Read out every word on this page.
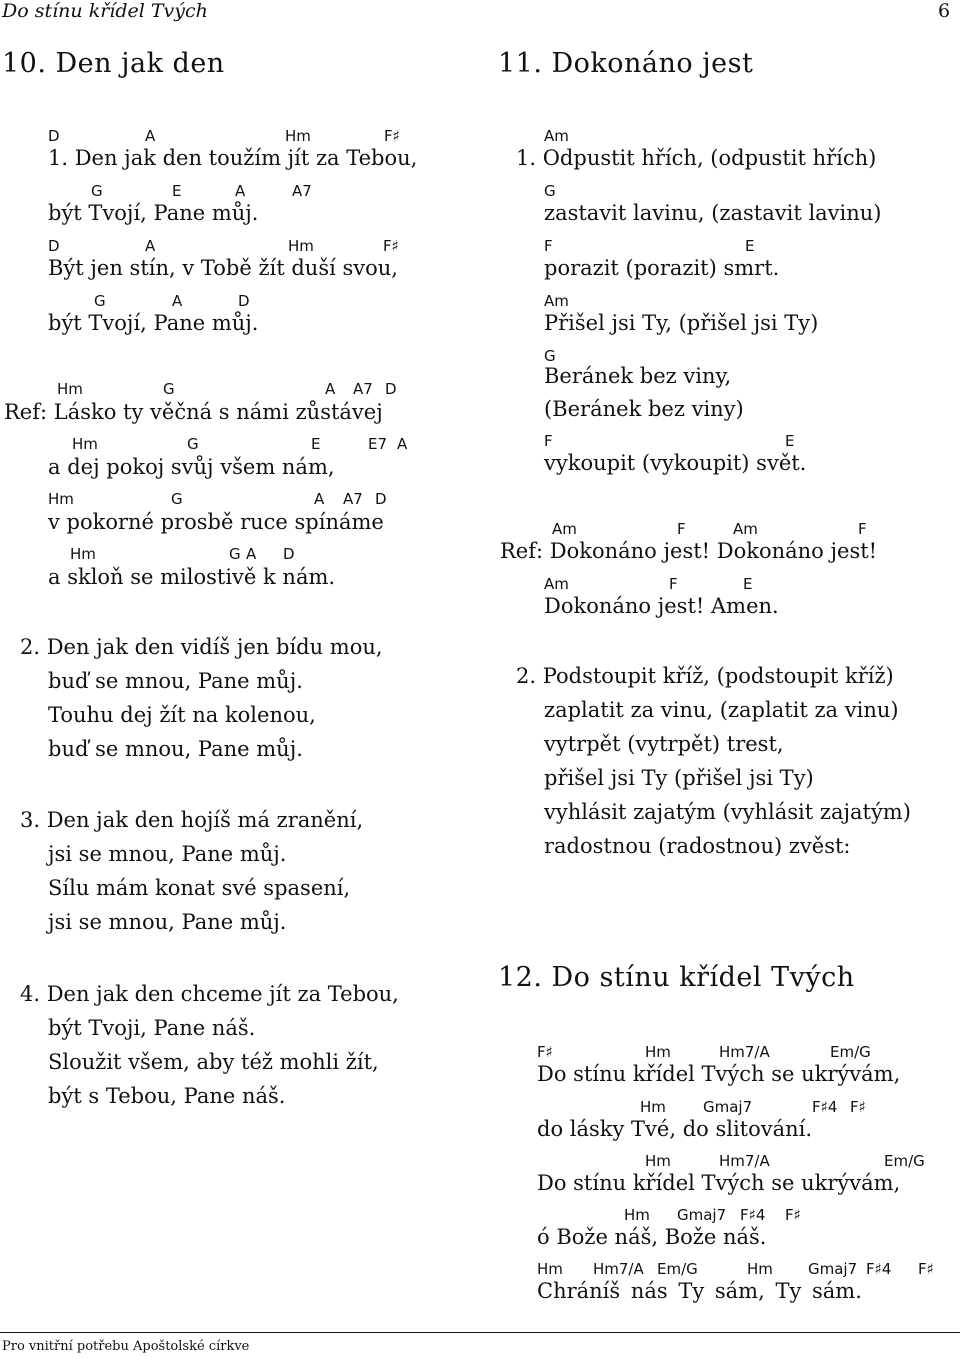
Do stínu křídel Tvých	6
10. Den jak den
D	A	Hm	F♯
1. Den jak den toužím jít za Tebou,
G	E	A	A7
být Tvojí, Pane můj.
D	A	Hm	F♯
Být jen stín, v Tobě žít duší svou,
G	A	D
být Tvojí, Pane můj.
Hm	G	A A7 D
Ref: Lásko ty věčná s námi zůstávej
Hm	G	E	E7 A
a dej pokoj svůj všem nám,
Hm	G	A A7 D
v pokorné prosbě ruce spínáme
Hm	G A D
a skloň se milostivě k nám.
2. Den jak den vidíš jen bídu mou,
buď se mnou, Pane můj.
Touhu dej žít na kolenou,
buď se mnou, Pane můj.
3. Den jak den hojíš má zranění,
jsi se mnou, Pane můj.
Sílu mám konat své spasení,
jsi se mnou, Pane můj.
4. Den jak den chceme jít za Tebou,
být Tvoji, Pane náš.
Sloužit všem, aby též mohli žít,
být s Tebou, Pane náš.
11. Dokonáno jest
Am
1. Odpustit hřích, (odpustit hřích)
G
zastavit lavinu, (zastavit lavinu)
F	E
porazit (porazit) smrt.
Am
Přišel jsi Ty, (přišel jsi Ty)
G
Beránek bez viny,
(Beránek bez viny)
F	E
vykoupit (vykoupit) svět.
Am	F	Am	F
Ref: Dokonáno jest! Dokonáno jest!
Am	F	E
Dokonáno jest! Amen.
2. Podstoupit kříž, (podstoupit kříž)
zaplatit za vinu, (zaplatit za vinu)
vytrpět (vytrpět) trest,
přišel jsi Ty (přišel jsi Ty)
vyhlásit zajatým (vyhlásit zajatým)
radostnou (radostnou) zvěst:
12. Do stínu křídel Tvých
F♯	Hm	Hm7/A	Em/G
Do stínu křídel Tvých se ukrývám,
Hm Gmaj7	F♯4 F♯
do lásky Tvé, do slitování.
Hm	Hm7/A	Em/G
Do stínu křídel Tvých se ukrývám,
Hm Gmaj7 F♯4 F♯
ó Bože náš, Bože náš.
Hm Hm7/A Em/G	Hm Gmaj7 F♯4 F♯
Chráníš nás Ty sám, Ty sám.
Pro vnitřní potřebu Apoštolské církve
